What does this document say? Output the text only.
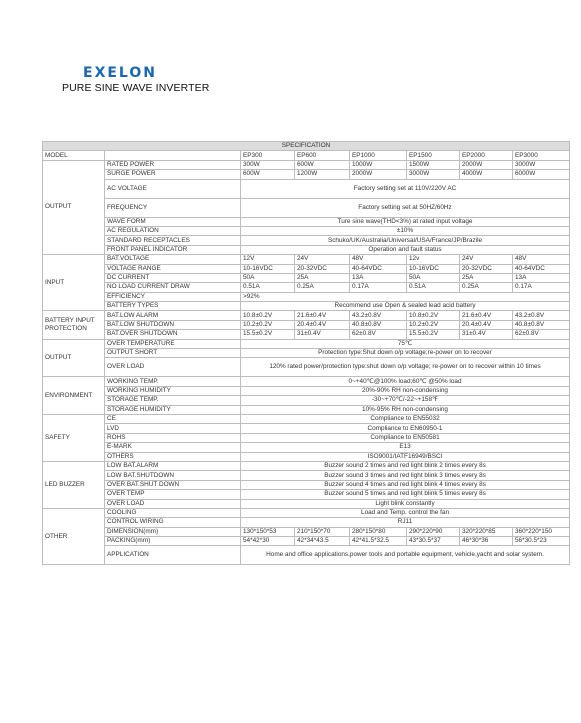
EXELON
PURE SINE WAVE INVERTER
SPECIFICATION							
MODEL		EP300	EP600	EP1000	EP1500	EP2000	EP3000
OUTPUT	RATED POWER	300W	600W	1000W	1500W	2000W	3000W
	SURGE POWER	600W	1200W	2000W	3000W	4000W	6000W
	AC VOLTAGE	Factory setting set at 110V/220V AC					
	FREQUENCY	Factory setting set at 50HZ/60Hz					
	WAVE FORM	Ture sine wave(THD<3%) at rated input voltage					
	AC REGULATION	±10%					
	STANDARD RECEPTACLES	Schuko/UK/Australia/Universal/USA/France/JP/Brazile					
	FRONT PANEL INDICATOR	Operation and fault status					
INPUT	BAT.VOLTAGE	12V	24V	48V	12v	24V	48V
	VOLTAGE RANGE	10-16VDC	20-32VDC	40-64VDC	10-16VDC	20-32VDC	40-64VDC
	DC CURRENT	50A	25A	13A	50A	25A	13A
	NO LOAD CURRENT DRAW	0.51A	0.25A	0.17A	0.51A	0.25A	0.17A
	EFFICIENCY	>92%					
	BATTERY TYPES	Recommend use Open & sealed lead acid battery					
BATTERY INPUT PROTECTION	BAT.LOW ALARM	10.8±0.2V	21.6±0.4V	43.2±0.8V	10.8±0.2V	21.6±0.4V	43.2±0.8V
	BAT.LOW SHUTDOWN	10.2±0.2V	20.4±0.4V	40.8±0.8V	10.2±0.2V	20.4±0.4V	40.8±0.8V
	BAT.OVER SHUTDOWN	15.5±0.2V	31±0.4V	62±0.8V	15.5±0.2V	31±0.4V	62±0.8V
OUTPUT	OVER TEMPERATURE	75℃					
	OUTPUT SHORT	Protection type:Shut down o/p voltage;re-power on to recover					
	OVER LOAD	120% rated power/protection type:shut down o/p voltage; re-power on to recover within 10 times					
ENVIRONMENT	WORKING TEMP.	0~+40℃@100% load;60℃ @50% load					
	WORKING HUMIDITY	20%-90% RH non-condensing					
	STORAGE TEMP.	-30~+70℃/-22~+158℉					
	STORAGE HUMIDITY	10%-95% RH non-condensing					
SAFETY	CE	Compliance to EN55032					
	LVD	Compliance to EN60950-1					
	ROHS	Compliance to EN50581					
	E-MARK	E13					
	OTHERS	ISO9001/IATF16949/BSCI					
LED BUZZER	LOW BAT.ALARM	Buzzer sound 2 times and red light blink 2 times every 8s					
	LOW BAT.SHUTDOWN	Buzzer sound 3 times and red light blink 3 times every 8s					
	OVER BAT.SHUT DOWN	Buzzer sound 4 times and red light blink 4 times every 8s					
	OVER TEMP	Buzzer sound 5 times and red light blink 5 times every 8s					
	OVER LOAD	Light blink constantly					
OTHER	COOLING	Load and Temp. control the fan					
	CONTROL WIRING	RJ11					
	DIMENSION(mm)	130*150*53	210*150*70	280*150*80	290*220*90	320*220*85	360*220*150
	PACKING(mm)	54*42*30	42*34*43.5	42*41.5*32.5	43*30.5*37	46*30*36	56*30.5*23
	APPLICATION	Home and office applications,power tools and portable equipment, vehicle,yacht and solar system.					
